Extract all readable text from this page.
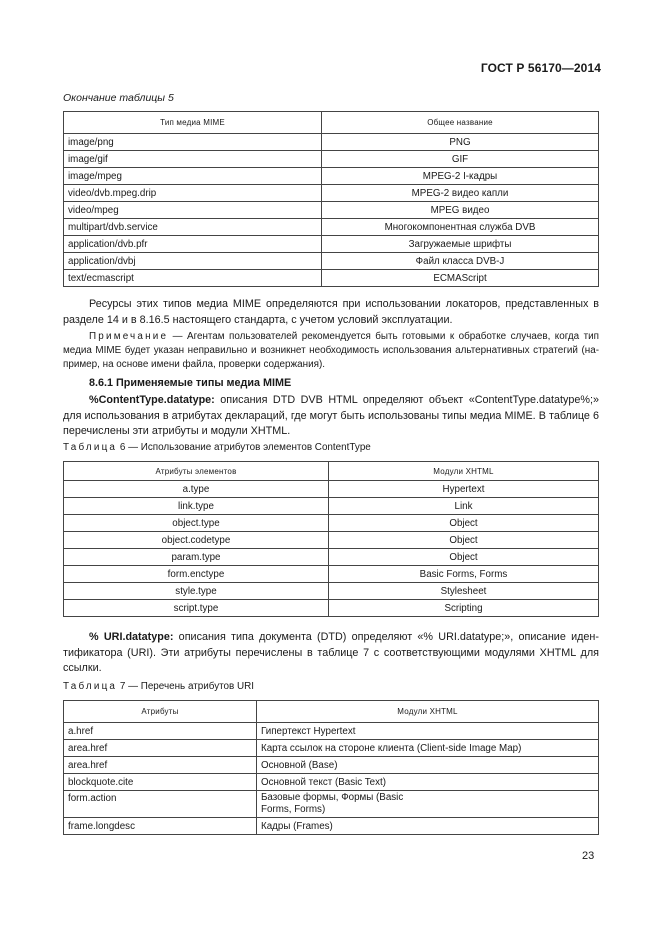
ГОСТ Р 56170—2014
Окончание таблицы 5
Тип медиа MIME	Общее название
image/png	PNG
image/gif	GIF
image/mpeg	MPEG-2 I-кадры
video/dvb.mpeg.drip	MPEG-2 видео капли
video/mpeg	MPEG видео
multipart/dvb.service	Многокомпонентная служба DVB
application/dvb.pfr	Загружаемые шрифты
application/dvbj	Файл класса DVB-J
text/ecmascript	ECMAScript

Ресурсы этих типов медиа MIME определяются при использовании локаторов, представленных в разделе 14 и в 8.16.5 настоящего стандарта, с учетом условий эксплуатации.

Примечание — Агентам пользователей рекомендуется быть готовыми к обработке случаев, когда тип медиа MIME будет указан неправильно и возникнет необходимость использования альтернативных стратегий (например, на основе имени файла, проверки содержания).

8.6.1 Применяемые типы медиа MIME

%ContentType.datatype: описания DTD DVB HTML определяют объект «ContentType.datatype%;» для использования в атрибутах деклараций, где могут быть использованы типы медиа MIME. В таблице 6 перечислены эти атрибуты и модули XHTML.

Таблица 6 — Использование атрибутов элементов ContentType
Атрибуты элементов	Модули XHTML
a.type	Hypertext
link.type	Link
object.type	Object
object.codetype	Object
param.type	Object
form.enctype	Basic Forms, Forms
style.type	Stylesheet
script.type	Scripting

% URI.datatype: описания типа документа (DTD) определяют «% URI.datatype;», описание идентификатора (URI). Эти атрибуты перечислены в таблице 7 с соответствующими модулями XHTML для ссылки.

Таблица 7 — Перечень атрибутов URI
Атрибуты	Модули XHTML
a.href	Гипертекст Hypertext
area.href	Карта ссылок на стороне клиента (Client-side Image Map)
area.href	Основной (Base)
blockquote.cite	Основной текст (Basic Text)
form.action	Базовые формы, Формы (Basic Forms, Forms)

frame.longdesc	Кадры (Frames)
23
